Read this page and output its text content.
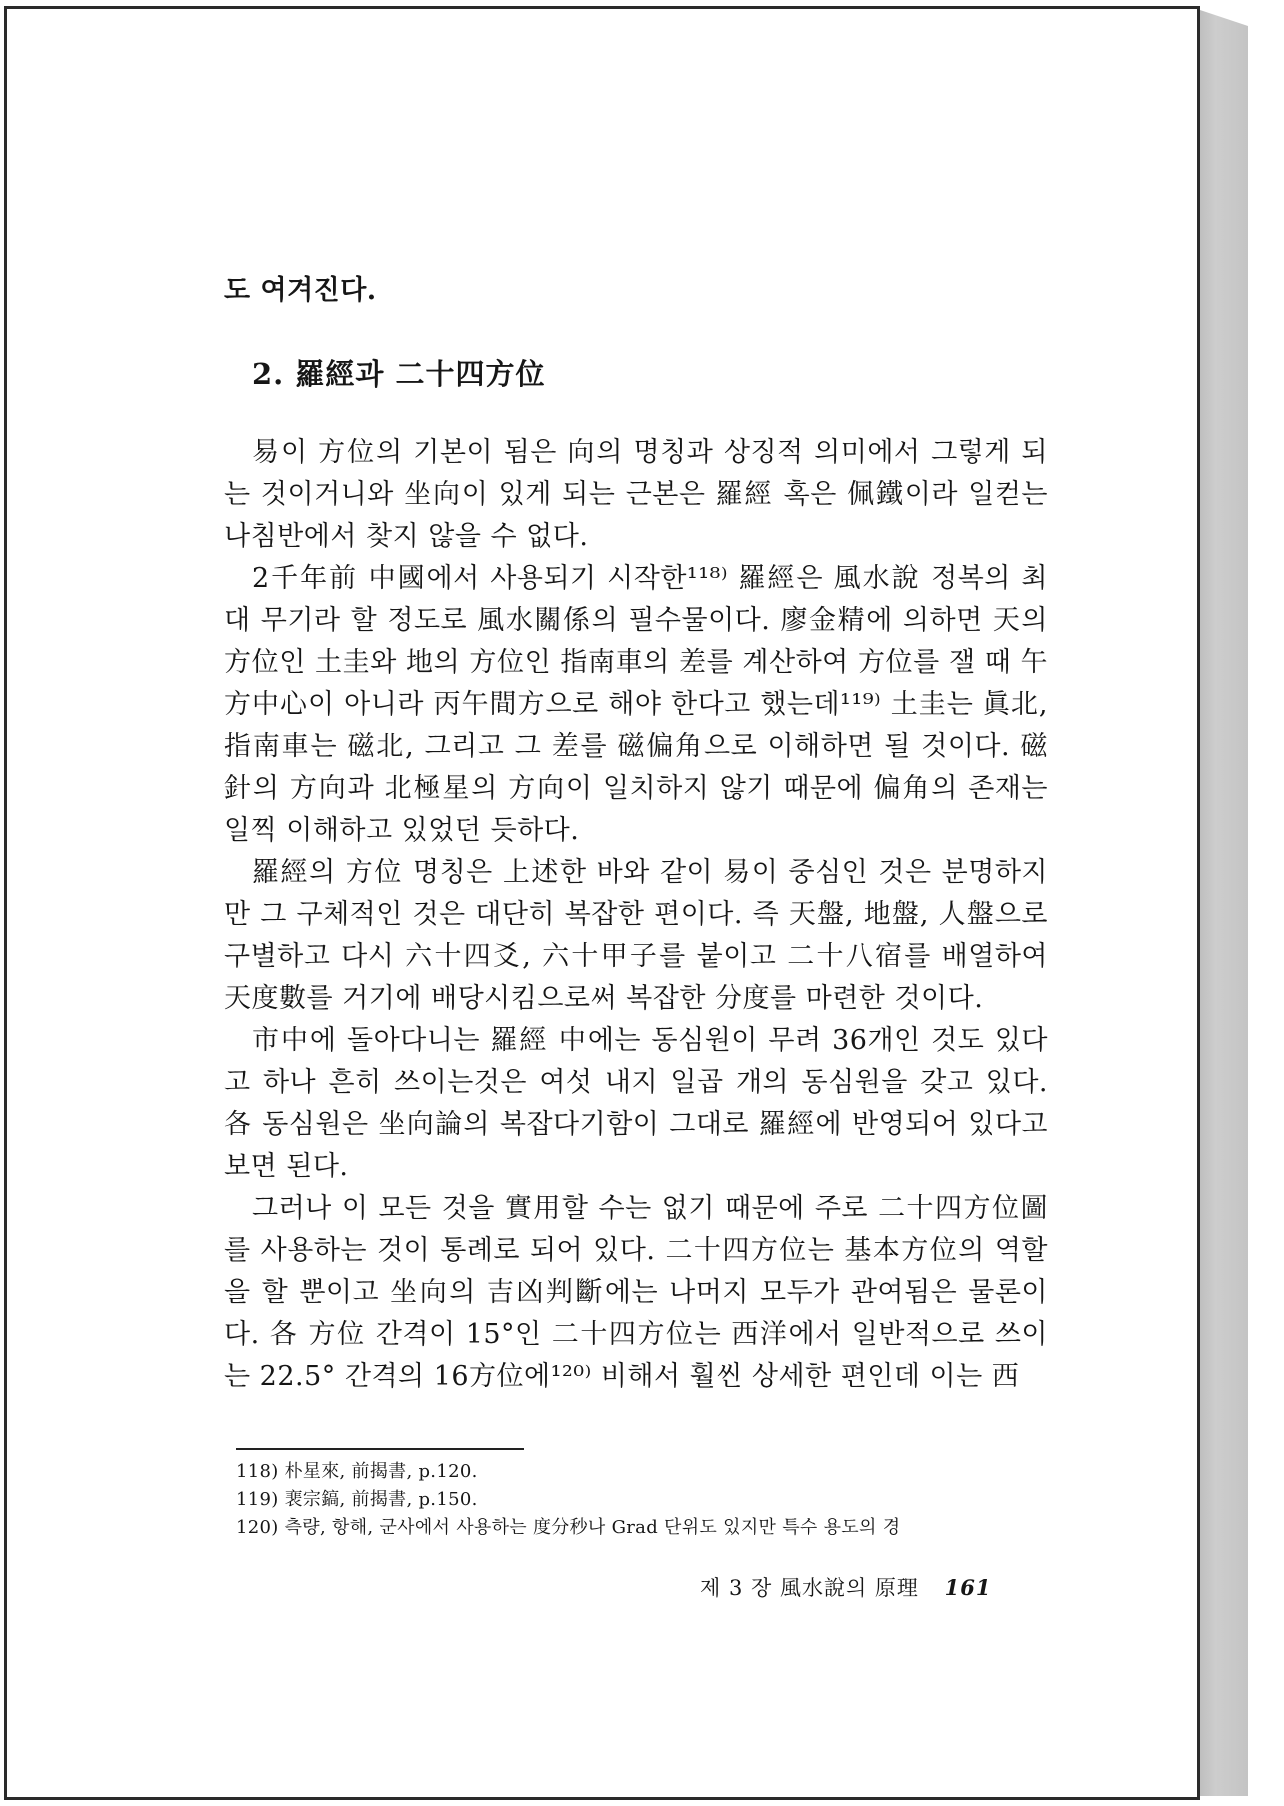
도 여겨진다.
2. 羅經과 二十四方位

易이 方位의 기본이 됨은 向의 명칭과 상징적 의미에서 그렇게 되는 것이거니와 坐向이 있게 되는 근본은 羅經 혹은 佩鐵이라 일컫는 나침반에서 찾지 않을 수 없다.

2千年前 中國에서 사용되기 시작한¹¹⁸⁾ 羅經은 風水說 정복의 최대 무기라 할 정도로 風水關係의 필수물이다. 廖金精에 의하면 天의 方位인 土圭와 地의 方位인 指南車의 差를 계산하여 方位를 잴 때 午方中心이 아니라 丙午間方으로 해야 한다고 했는데¹¹⁹⁾ 土圭는 眞北, 指南車는 磁北, 그리고 그 差를 磁偏角으로 이해하면 될 것이다. 磁針의 方向과 北極星의 方向이 일치하지 않기 때문에 偏角의 존재는 일찍 이해하고 있었던 듯하다.

羅經의 方位 명칭은 上述한 바와 같이 易이 중심인 것은 분명하지만 그 구체적인 것은 대단히 복잡한 편이다. 즉 天盤, 地盤, 人盤으로 구별하고 다시 六十四爻, 六十甲子를 붙이고 二十八宿를 배열하여 天度數를 거기에 배당시킴으로써 복잡한 分度를 마련한 것이다.

市中에 돌아다니는 羅經 中에는 동심원이 무려 36개인 것도 있다고 하나 흔히 쓰이는것은 여섯 내지 일곱 개의 동심원을 갖고 있다. 各 동심원은 坐向論의 복잡다기함이 그대로 羅經에 반영되어 있다고 보면 된다.

그러나 이 모든 것을 實用할 수는 없기 때문에 주로 二十四方位圖를 사용하는 것이 통례로 되어 있다. 二十四方位는 基本方位의 역할을 할 뿐이고 坐向의 吉凶判斷에는 나머지 모두가 관여됨은 물론이다. 各 方位 간격이 15°인 二十四方位는 西洋에서 일반적으로 쓰이는 22.5° 간격의 16方位에¹²⁰⁾ 비해서 훨씬 상세한 편인데 이는 西

118) 朴星來, 前揭書, p.120.
119) 裵宗鎬, 前揭書, p.150.
120) 측량, 항해, 군사에서 사용하는 度分秒나 Grad 단위도 있지만 특수 용도의 경
제 3 장 風水說의 原理 161
